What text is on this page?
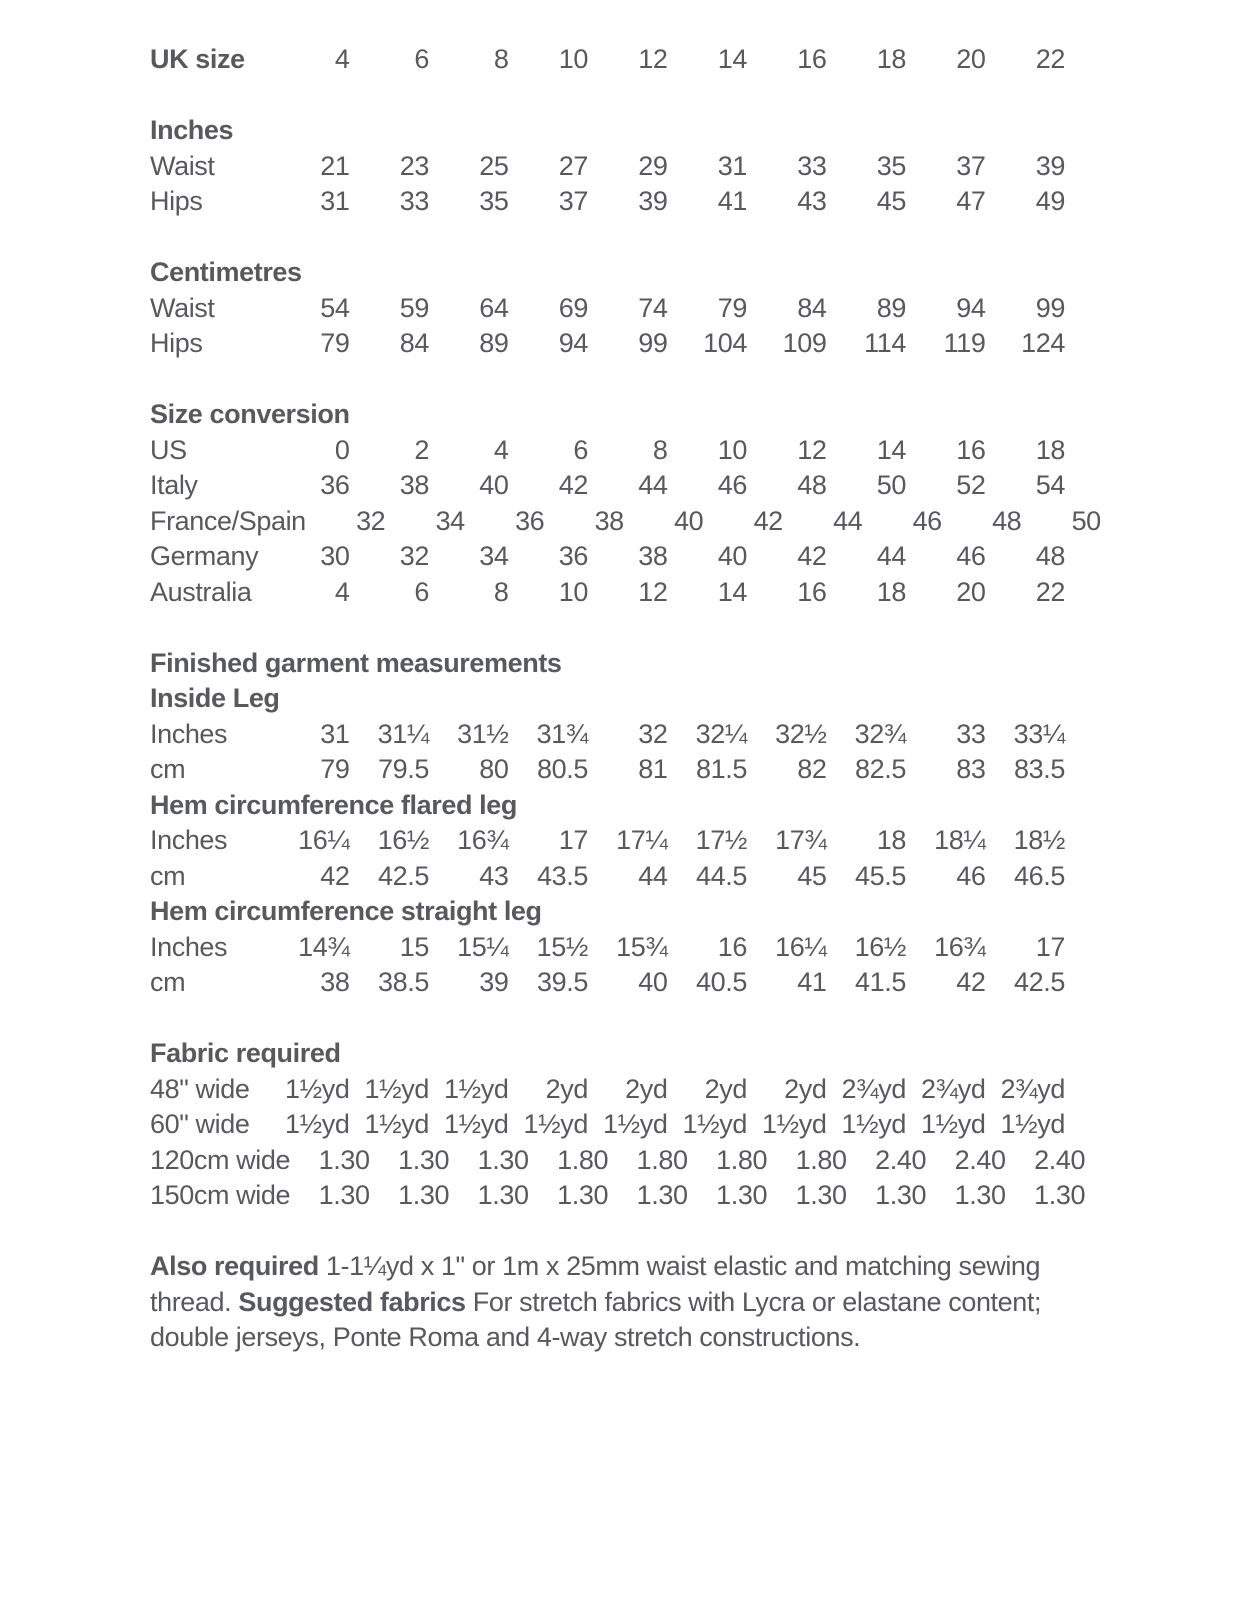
UK size	4	6	8	10	12	14	16	18	20	22
Inches
Waist	21	23	25	27	29	31	33	35	37	39
Hips	31	33	35	37	39	41	43	45	47	49
Centimetres
Waist	54	59	64	69	74	79	84	89	94	99
Hips	79	84	89	94	99	104	109	114	119	124
Size conversion
US	0	2	4	6	8	10	12	14	16	18
Italy	36	38	40	42	44	46	48	50	52	54
France/Spain	32	34	36	38	40	42	44	46	48	50
Germany	30	32	34	36	38	40	42	44	46	48
Australia	4	6	8	10	12	14	16	18	20	22
Finished garment measurements
Inside Leg
Inches	31	31¼	31½	31¾	32	32¼	32½	32¾	33	33¼
cm	79	79.5	80	80.5	81	81.5	82	82.5	83	83.5
Hem circumference flared leg
Inches	16¼	16½	16¾	17	17¼	17½	17¾	18	18¼	18½
cm	42	42.5	43	43.5	44	44.5	45	45.5	46	46.5
Hem circumference straight leg
Inches	14¾	15	15¼	15½	15¾	16	16¼	16½	16¾	17
cm	38	38.5	39	39.5	40	40.5	41	41.5	42	42.5
Fabric required
48" wide	1½yd 1½yd 1½yd	2yd	2yd	2yd	2yd 2¾yd 2¾yd 2¾yd
60" wide	1½yd 1½yd 1½yd 1½yd 1½yd 1½yd 1½yd 1½yd 1½yd 1½yd
120cm wide	1.30	1.30	1.30	1.80	1.80	1.80	1.80	2.40	2.40	2.40
150cm wide	1.30	1.30	1.30	1.30	1.30	1.30	1.30	1.30	1.30	1.30
Also required 1-1¼yd x 1" or 1m x 25mm waist elastic and matching sewing
thread. Suggested fabrics For stretch fabrics with Lycra or elastane content;
double jerseys, Ponte Roma and 4-way stretch constructions.
